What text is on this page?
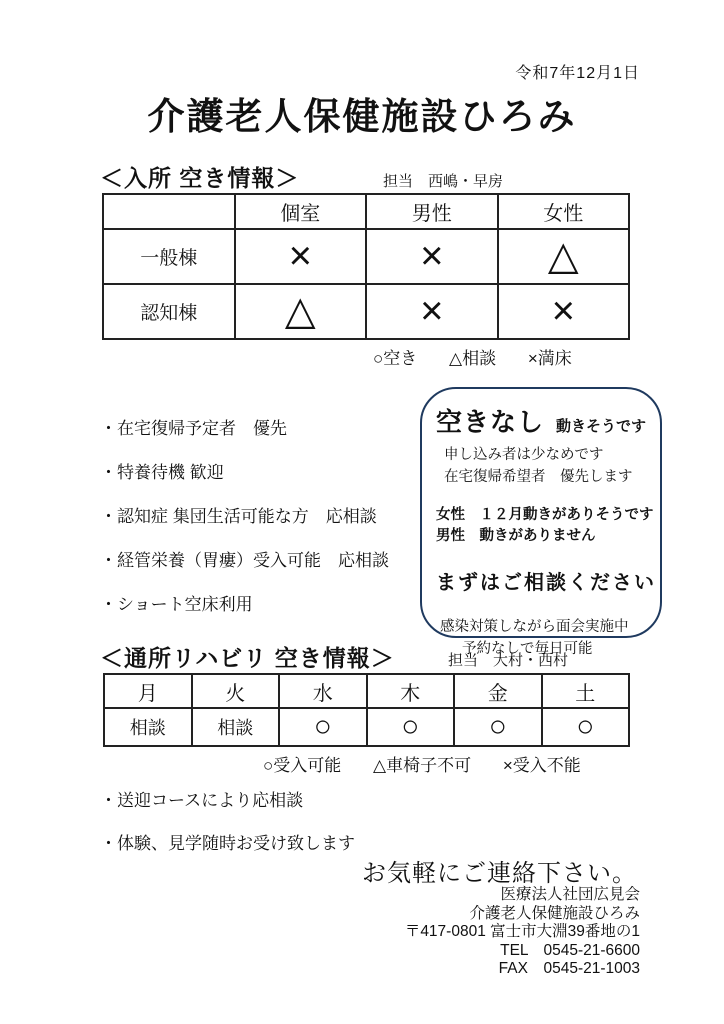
令和7年12月1日
介護老人保健施設ひろみ
＜入所 空き情報＞	担当　西嶋・早房
	個室	男性	女性
一般棟	×	×	△
認知棟	△	×	×
○空き △相談 ×満床
・在宅復帰予定者　優先
・特養待機 歓迎
・認知症 集団生活可能な方　応相談
・経管栄養（胃瘻）受入可能　応相談
・ショート空床利用
空きなし 動きそうです
申し込み者は少なめです
在宅復帰希望者　優先します
女性　１２月動きがありそうです
男性　動きがありません
まずはご相談ください
感染対策しながら面会実施中
予約なしで毎日可能
＜通所リハビリ 空き情報＞	担当　大村・西村
月	火	水	木	金	土
相談	相談	○	○	○	○
○受入可能 △車椅子不可 ×受入不能
・送迎コースにより応相談
・体験、見学随時お受け致します
お気軽にご連絡下さい。
医療法人社団広見会
介護老人保健施設ひろみ
〒417-0801 富士市大淵39番地の1
TEL　0545-21-6600
FAX　0545-21-1003
